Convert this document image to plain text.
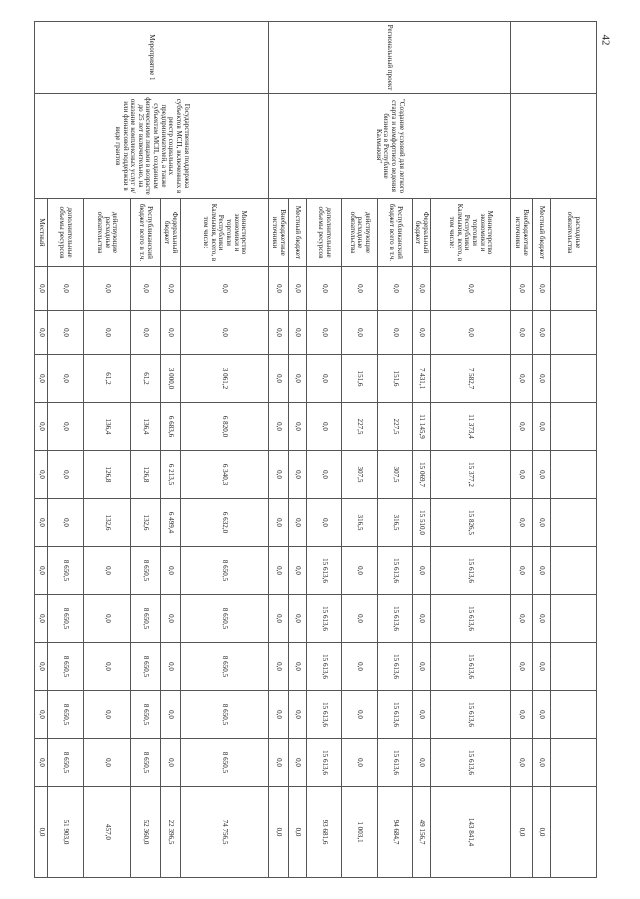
42
		расходные обязательства												
		Местный бюджет	0,0	0,0	0,0	0,0	0,0	0,0	0,0	0,0	0,0	0,0	0,0	0,0
		Внебюджетные источники	0,0	0,0	0,0	0,0	0,0	0,0	0,0	0,0	0,0	0,0	0,0	0,0
Региональный проект	"Создание условий для легкого старта и комфортного ведения бизнеса в Республике Калмыкия"	Министерство экономики и торговли Республики Калмыкия, всего, в том числе:	0,0	0,0	7 582,7	11 373,4	15 377,2	15 826,5	15 613,6	15 613,6	15 613,6	15 613,6	15 613,6	143 841,4
		Федеральный бюджет	0,0	0,0	7 431,1	11 145,9	15 069,7	15 510,0	0,0	0,0	0,0	0,0	0,0	49 156,7
		Республиканский бюджет всего в т.ч.	0,0	0,0	151,6	227,5	307,5	316,5	15 613,6	15 613,6	15 613,6	15 613,6	15 613,6	94 684,7
		действующие расходные обязательства	0,0	0,0	151,6	227,5	307,5	316,5	0,0	0,0	0,0	0,0	0,0	1 003,1
		дополнительные объемы ресурсов	0,0	0,0	0,0	0,0	0,0	0,0	15 613,6	15 613,6	15 613,6	15 613,6	15 613,6	93 681,6
		Местный бюджет	0,0	0,0	0,0	0,0	0,0	0,0	0,0	0,0	0,0	0,0	0,0	0,0
		Внебюджетные источники	0,0	0,0	0,0	0,0	0,0	0,0	0,0	0,0	0,0	0,0	0,0	0,0
Мероприятие 1	Государственная поддержка субъектов МСП, включенных в реестр социальных предпринимателей, а также субъектам МСП, созданным физическими лицами в возрасте до 25 лет включительно, на оказание комплексных услуг и/или финансовой поддержки в виде грантов	Министерство экономики и торговли Республики Калмыкия, всего, в том числе:	0,0	0,0	3 061,2	6 820,0	6 340,3	6 632,0	8 650,5	8 650,5	8 650,5	8 650,5	8 650,5	74 756,5
		Федеральный бюджет	0,0	0,0	3 000,0	6 683,6	6 213,5	6 499,4	0,0	0,0	0,0	0,0	0,0	22 396,5
		Республиканский бюджет всего в т.ч.	0,0	0,0	61,2	136,4	126,8	132,6	8 650,5	8 650,5	8 650,5	8 650,5	8 650,5	52 360,0
		действующие расходные обязательства	0,0	0,0	61,2	136,4	126,8	132,6	0,0	0,0	0,0	0,0	0,0	457,0
		дополнительные объемы ресурсов	0,0	0,0	0,0	0,0	0,0	0,0	8 650,5	8 650,5	8 650,5	8 650,5	8 650,5	51 903,0
		Местный	0,0	0,0	0,0	0,0	0,0	0,0	0,0	0,0	0,0	0,0	0,0	0,0
